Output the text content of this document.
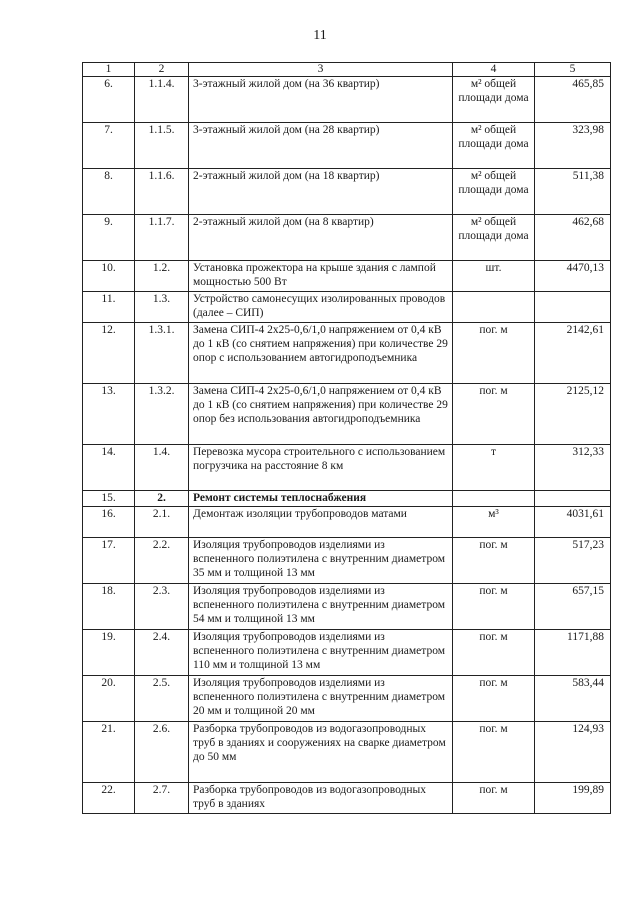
11
1	2	3	4	5
6.	1.1.4.	3-этажный жилой дом (на 36 квартир)	м² общей площади дома	465,85
7.	1.1.5.	3-этажный жилой дом (на 28 квартир)	м² общей площади дома	323,98
8.	1.1.6.	2-этажный жилой дом (на 18 квартир)	м² общей площади дома	511,38
9.	1.1.7.	2-этажный жилой дом (на 8 квартир)	м² общей площади дома	462,68
10.	1.2.	Установка прожектора на крыше здания с лампой мощностью 500 Вт	шт.	4470,13
11.	1.3.	Устройство самонесущих изолированных проводов (далее – СИП)		
12.	1.3.1.	Замена СИП-4 2х25-0,6/1,0 напряжением от 0,4 кВ до 1 кВ (со снятием напряжения) при количестве 29 опор с использованием автогидроподъемника	пог. м	2142,61
13.	1.3.2.	Замена СИП-4 2х25-0,6/1,0 напряжением от 0,4 кВ до 1 кВ (со снятием напряжения) при количестве 29 опор без использования автогидроподъемника	пог. м	2125,12
14.	1.4.	Перевозка мусора строительного с использованием погрузчика на расстояние 8 км	т	312,33
15.	2.	Ремонт системы теплоснабжения		
16.	2.1.	Демонтаж изоляции трубопроводов матами	м³	4031,61
17.	2.2.	Изоляция трубопроводов изделиями из вспененного полиэтилена с внутренним диаметром 35 мм и толщиной 13 мм	пог. м	517,23
18.	2.3.	Изоляция трубопроводов изделиями из вспененного полиэтилена с внутренним диаметром 54 мм и толщиной 13 мм	пог. м	657,15
19.	2.4.	Изоляция трубопроводов изделиями из вспененного полиэтилена с внутренним диаметром 110 мм и толщиной 13 мм	пог. м	1171,88
20.	2.5.	Изоляция трубопроводов изделиями из вспененного полиэтилена с внутренним диаметром 20 мм и толщиной 20 мм	пог. м	583,44
21.	2.6.	Разборка трубопроводов из водогазопроводных труб в зданиях и сооружениях на сварке диаметром до 50 мм	пог. м	124,93
22.	2.7.	Разборка трубопроводов из водогазопроводных труб в зданиях	пог. м	199,89
